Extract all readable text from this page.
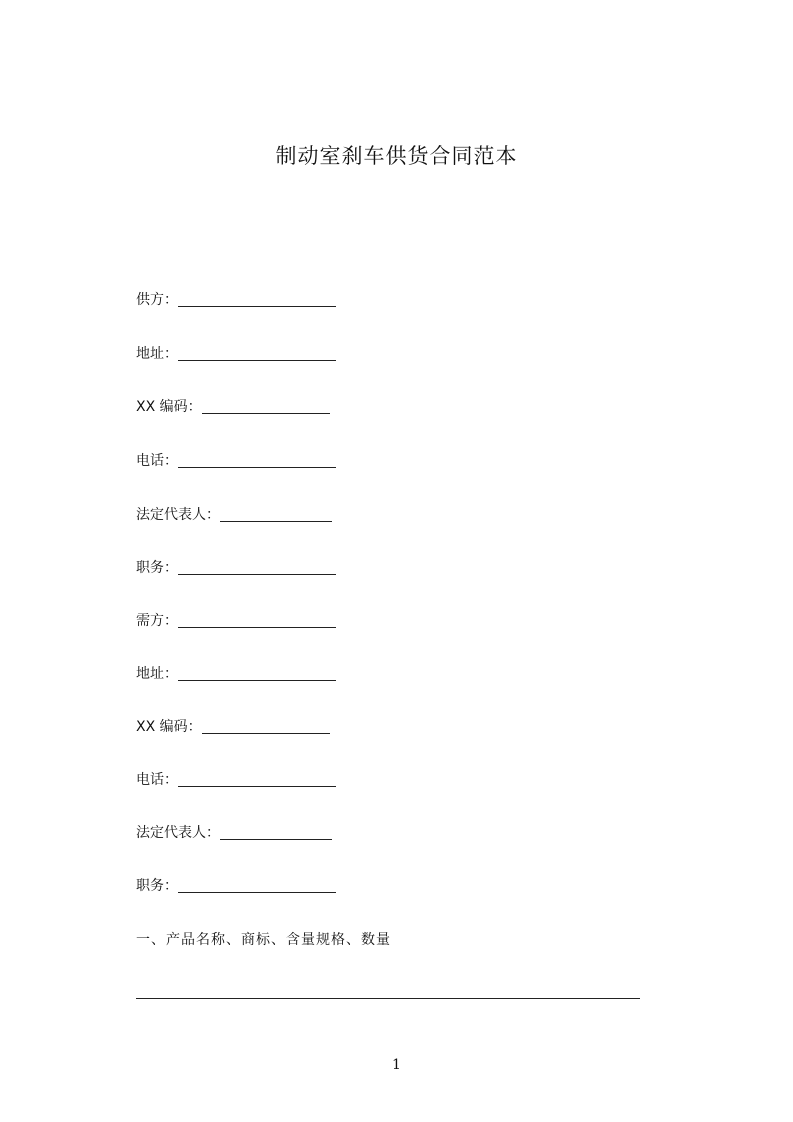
制动室刹车供货合同范本
供方：
地址：
XX 编码：
电话：
法定代表人：
职务：
需方：
地址：
XX 编码：
电话：
法定代表人：
职务：
一、产品名称、商标、含量规格、数量
1
